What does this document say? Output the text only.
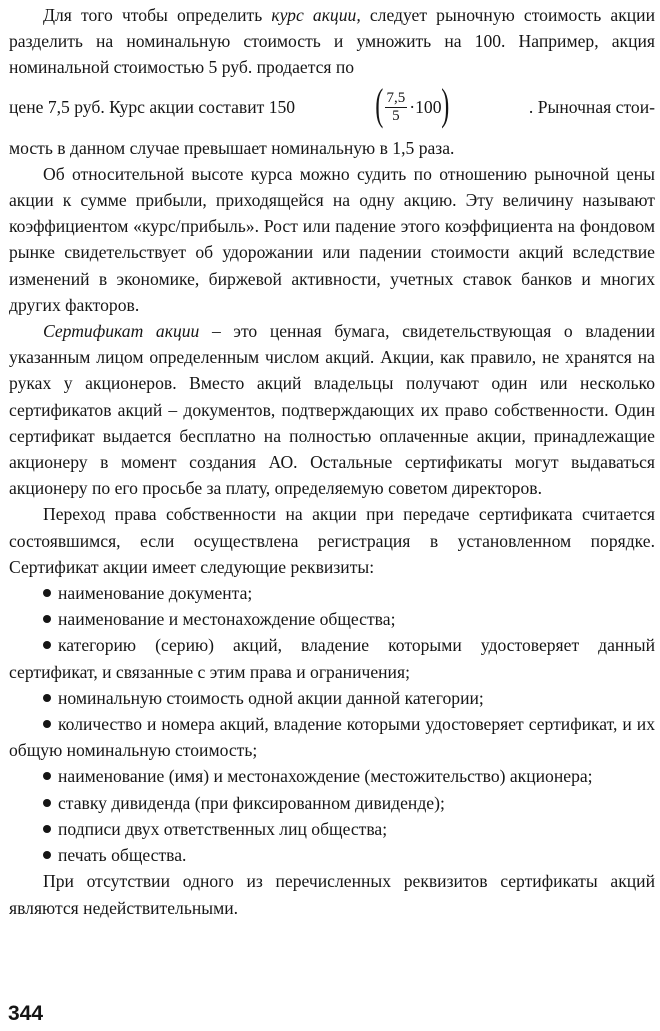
Для того чтобы определить курс акции, следует рыночную стоимость акции разделить на номинальную стоимость и умножить на 100. Например, акция номинальной стоимостью 5 руб. продается по

цене 7,5 руб. Курс акции составит 150 ( $\frac{7,5}{5} \cdot 100$ )	. Рыночная стои-

мость в данном случае превышает номинальную в 1,5 раза.

Об относительной высоте курса можно судить по отношению рыночной цены акции к сумме прибыли, приходящейся на одну акцию. Эту величину называют коэффициентом «курс/прибыль». Рост или падение этого коэффициента на фондовом рынке свидетельствует об удорожании или падении стоимости акций вследствие изменений в экономике, биржевой активности, учетных ставок банков и многих других факторов.

Сертификат акции – это ценная бумага, свидетельствующая о владении указанным лицом определенным числом акций. Акции, как правило, не хранятся на руках у акционеров. Вместо акций владельцы получают один или несколько сертификатов акций – документов, подтверждающих их право собственности. Один сертификат выдается бесплатно на полностью оплаченные акции, принадлежащие акционеру в момент создания АО. Остальные сертификаты могут выдаваться акционеру по его просьбе за плату, определяемую советом директоров.

Переход права собственности на акции при передаче сертификата считается состоявшимся, если осуществлена регистрация в установленном порядке. Сертификат акции имеет следующие реквизиты:

наименование документа;

наименование и местонахождение общества;

категорию (серию) акций, владение которыми удостоверяет данный сертификат, и связанные с этим права и ограничения;

номинальную стоимость одной акции данной категории;

количество и номера акций, владение которыми удостоверяет сертификат, и их общую номинальную стоимость;

наименование (имя) и местонахождение (местожительство) акционера;

ставку дивиденда (при фиксированном дивиденде);

подписи двух ответственных лиц общества;

печать общества.

При отсутствии одного из перечисленных реквизитов сертификаты акций являются недействительными.

344
